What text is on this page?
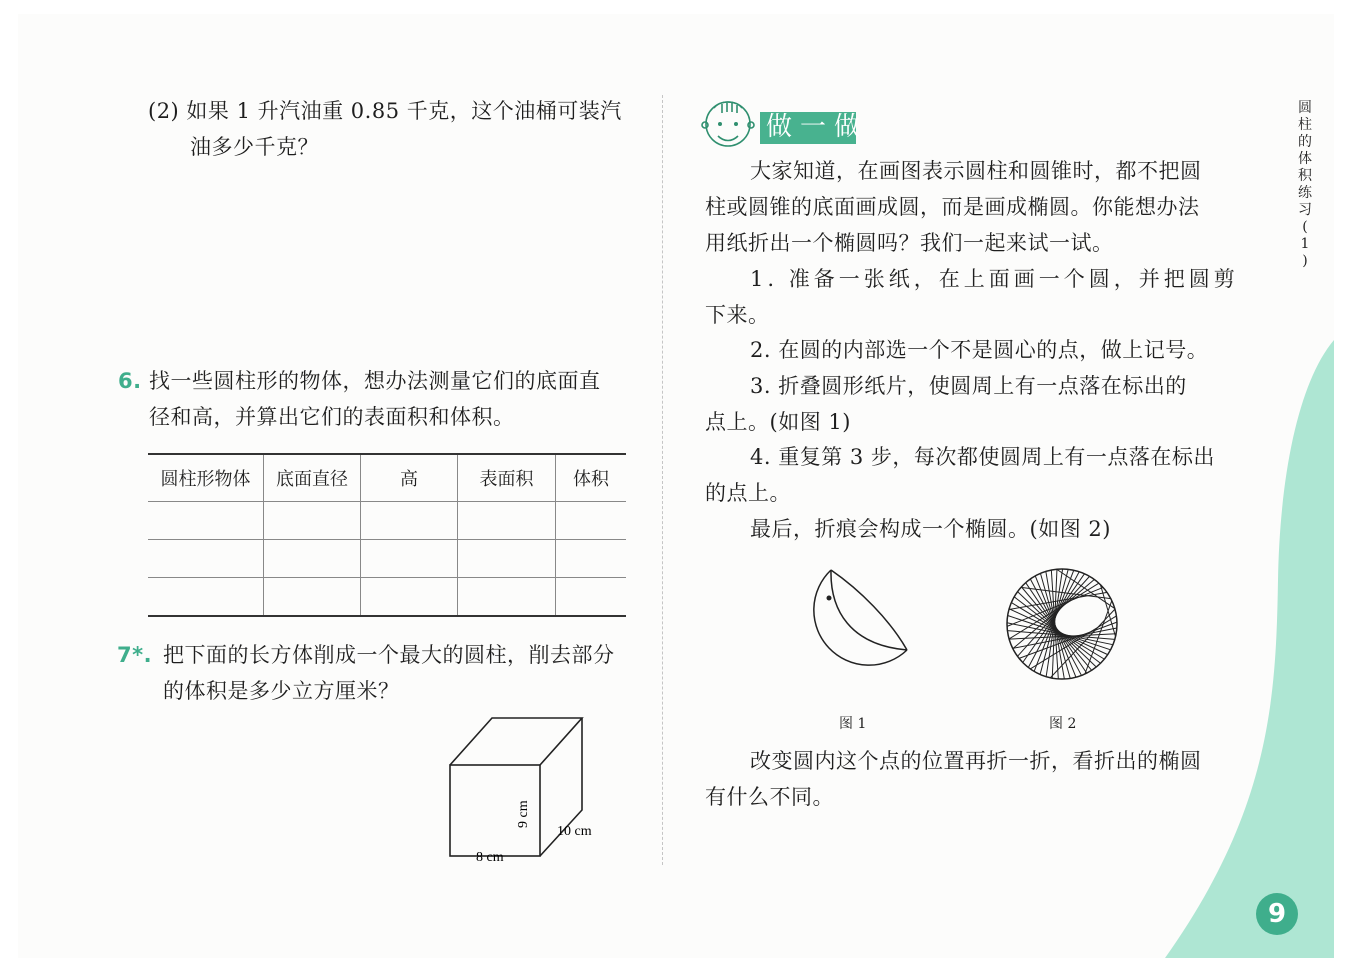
(2) 如果 1 升汽油重 0.85 千克，这个油桶可装汽
油多少千克？
6. 找一些圆柱形的物体，想办法测量它们的底面直
径和高，并算出它们的表面积和体积。
圆柱形物体	底面直径	高	表面积	体积

7*. 把下面的长方体削成一个最大的圆柱，削去部分
的体积是多少立方厘米？
9 cm
10 cm
8 cm
做一做
大家知道，在画图表示圆柱和圆锥时，都不把圆
柱或圆锥的底面画成圆，而是画成椭圆。你能想办法
用纸折出一个椭圆吗？我们一起来试一试。
1. 准备一张纸，在上面画一个圆，并把圆剪
下来。
2. 在圆的内部选一个不是圆心的点，做上记号。
3. 折叠圆形纸片，使圆周上有一点落在标出的
点上。(如图 1)
4. 重复第 3 步，每次都使圆周上有一点落在标出
的点上。
最后，折痕会构成一个椭圆。(如图 2)
图 1	图 2
改变圆内这个点的位置再折一折，看折出的椭圆
有什么不同。
圆
柱
的
体
积
练
习
(
1
)
9
